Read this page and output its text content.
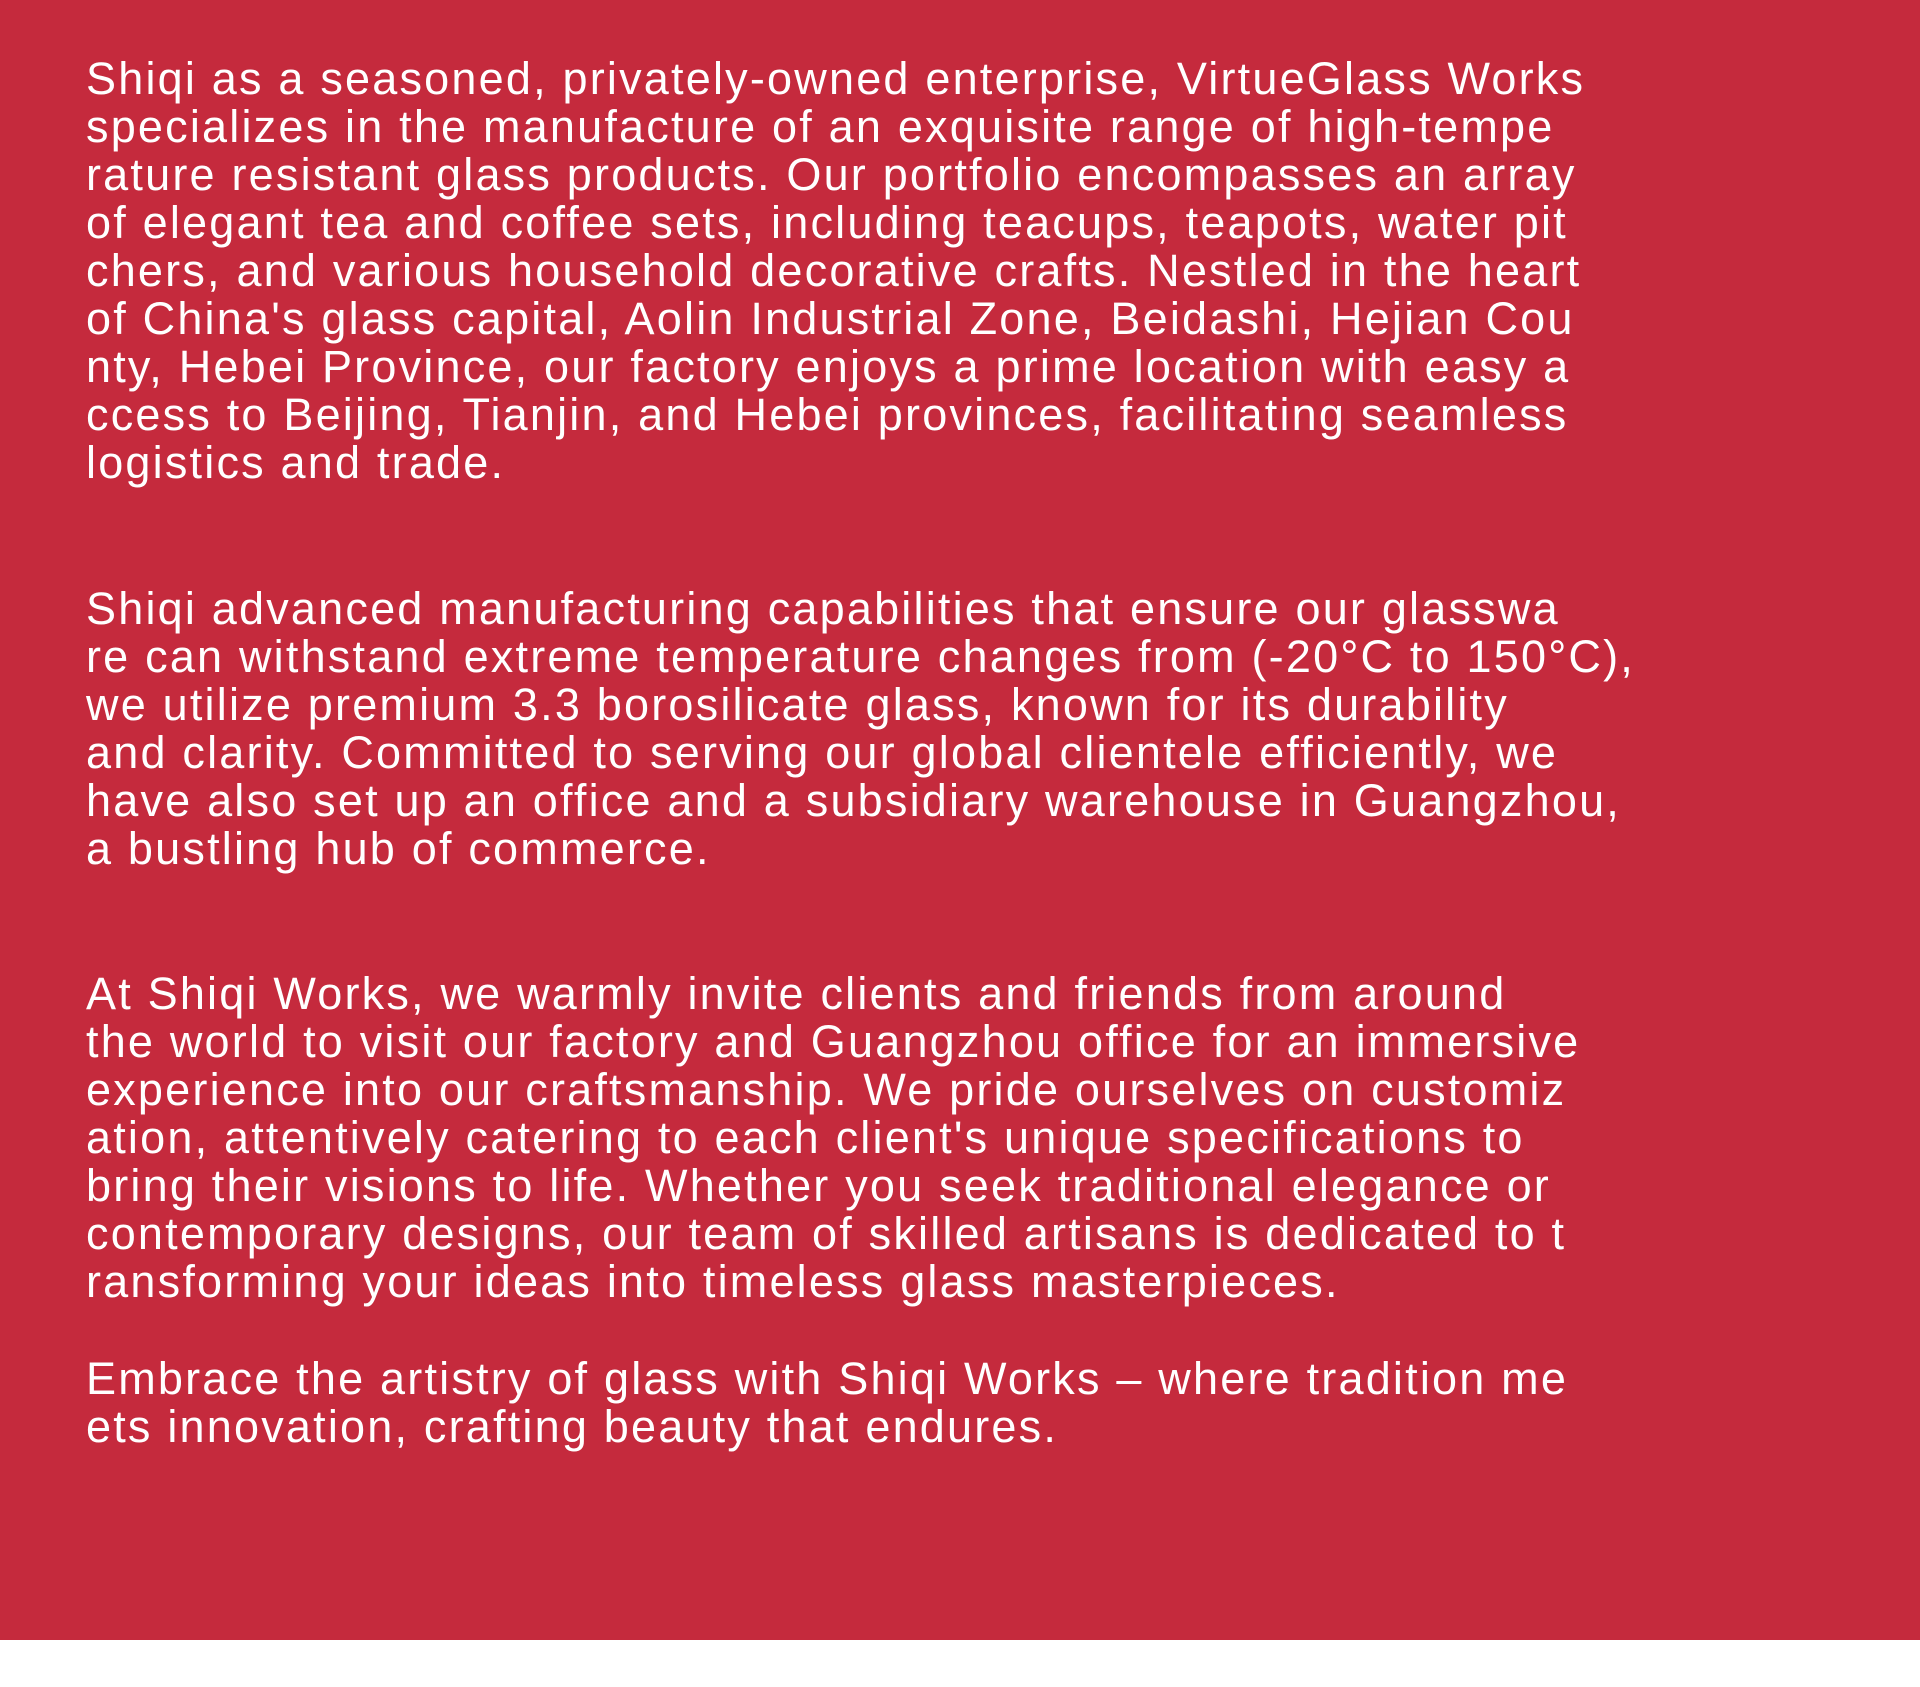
Shiqi as a seasoned, privately-owned enterprise, VirtueGlass Works
specializes in the manufacture of an exquisite range of high-tempe
rature resistant glass products. Our portfolio encompasses an array
of elegant tea and coffee sets, including teacups, teapots, water pit
chers, and various household decorative crafts. Nestled in the heart
of China's glass capital, Aolin Industrial Zone, Beidashi, Hejian Cou
nty, Hebei Province, our factory enjoys a prime location with easy a
ccess to Beijing, Tianjin, and Hebei provinces, facilitating seamless
logistics and trade.

Shiqi advanced manufacturing capabilities that ensure our glasswa
re can withstand extreme temperature changes from (-20°C to 150°C),
we utilize premium 3.3 borosilicate glass, known for its durability
and clarity. Committed to serving our global clientele efficiently, we
have also set up an office and a subsidiary warehouse in Guangzhou,
a bustling hub of commerce.

At Shiqi Works, we warmly invite clients and friends from around
the world to visit our factory and Guangzhou office for an immersive
experience into our craftsmanship. We pride ourselves on customiz
ation, attentively catering to each client's unique specifications to
bring their visions to life. Whether you seek traditional elegance or
contemporary designs, our team of skilled artisans is dedicated to t
ransforming your ideas into timeless glass masterpieces.

Embrace the artistry of glass with Shiqi Works – where tradition me
ets innovation, crafting beauty that endures.
